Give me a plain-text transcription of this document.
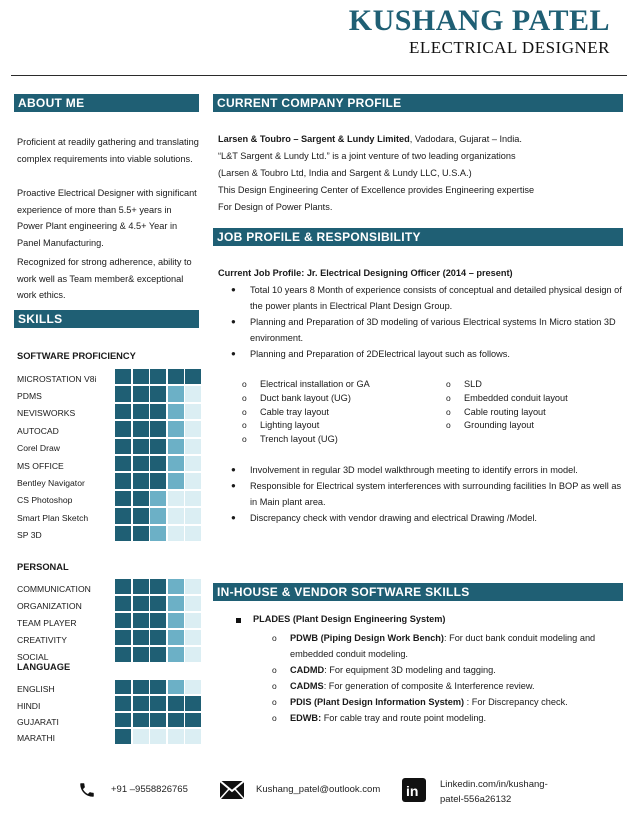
KUSHANG PATEL
ELECTRICAL DESIGNER
ABOUT ME
Proficient at readily gathering and translating complex requirements into viable solutions.
Proactive Electrical Designer with significant experience of more than 5.5+ years in Power Plant engineering & 4.5+ Year in Panel Manufacturing.
Recognized for strong adherence, ability to work well as Team member& exceptional work ethics.
SKILLS
SOFTWARE PROFICIENCY
MICROSTATION V8i
PDMS
NEVISWORKS
AUTOCAD
Corel Draw
MS OFFICE
Bentley Navigator
CS Photoshop
Smart Plan Sketch
SP 3D
PERSONAL
COMMUNICATION
ORGANIZATION
TEAM PLAYER
CREATIVITY
SOCIAL
LANGUAGE
ENGLISH
HINDI
GUJARATI
MARATHI
CURRENT COMPANY PROFILE
Larsen & Toubro – Sargent & Lundy Limited, Vadodara, Gujarat – India.
“L&T Sargent & Lundy Ltd.” is a joint venture of two leading organizations
(Larsen & Toubro Ltd, India and Sargent & Lundy LLC, U.S.A.)
This Design Engineering Center of Excellence provides Engineering expertise
For Design of Power Plants.
JOB PROFILE & RESPONSIBILITY
Current Job Profile: Jr. Electrical Designing Officer (2014 – present)
● Total 10 years 8 Month of experience consists of conceptual and detailed physical design of the power plants in Electrical Plant Design Group.
● Planning and Preparation of 3D modeling of various Electrical systems In Micro station 3D environment.
● Planning and Preparation of 2DElectrical layout such as follows.
o Electrical installation or GA
o Duct bank layout (UG)
o Cable tray layout
o Lighting layout
o Trench layout (UG)
o SLD
o Embedded conduit layout
o Cable routing layout
o Grounding layout
● Involvement in regular 3D model walkthrough meeting to identify errors in model.
● Responsible for Electrical system interferences with surrounding facilities In BOP as well as in Main plant area.
● Discrepancy check with vendor drawing and electrical Drawing /Model.
IN-HOUSE & VENDOR SOFTWARE SKILLS
PLADES (Plant Design Engineering System)
o PDWB (Piping Design Work Bench): For duct bank conduit modeling and embedded conduit modeling.
o CADMD: For equipment 3D modeling and tagging.
o CADMS: For generation of composite & Interference review.
o PDIS (Plant Design Information System) : For Discrepancy check.
o EDWB: For cable tray and route point modeling.
+91 –9558826765	Kushang_patel@outlook.com in Linkedin.com/in/kushang-
patel-556a26132
